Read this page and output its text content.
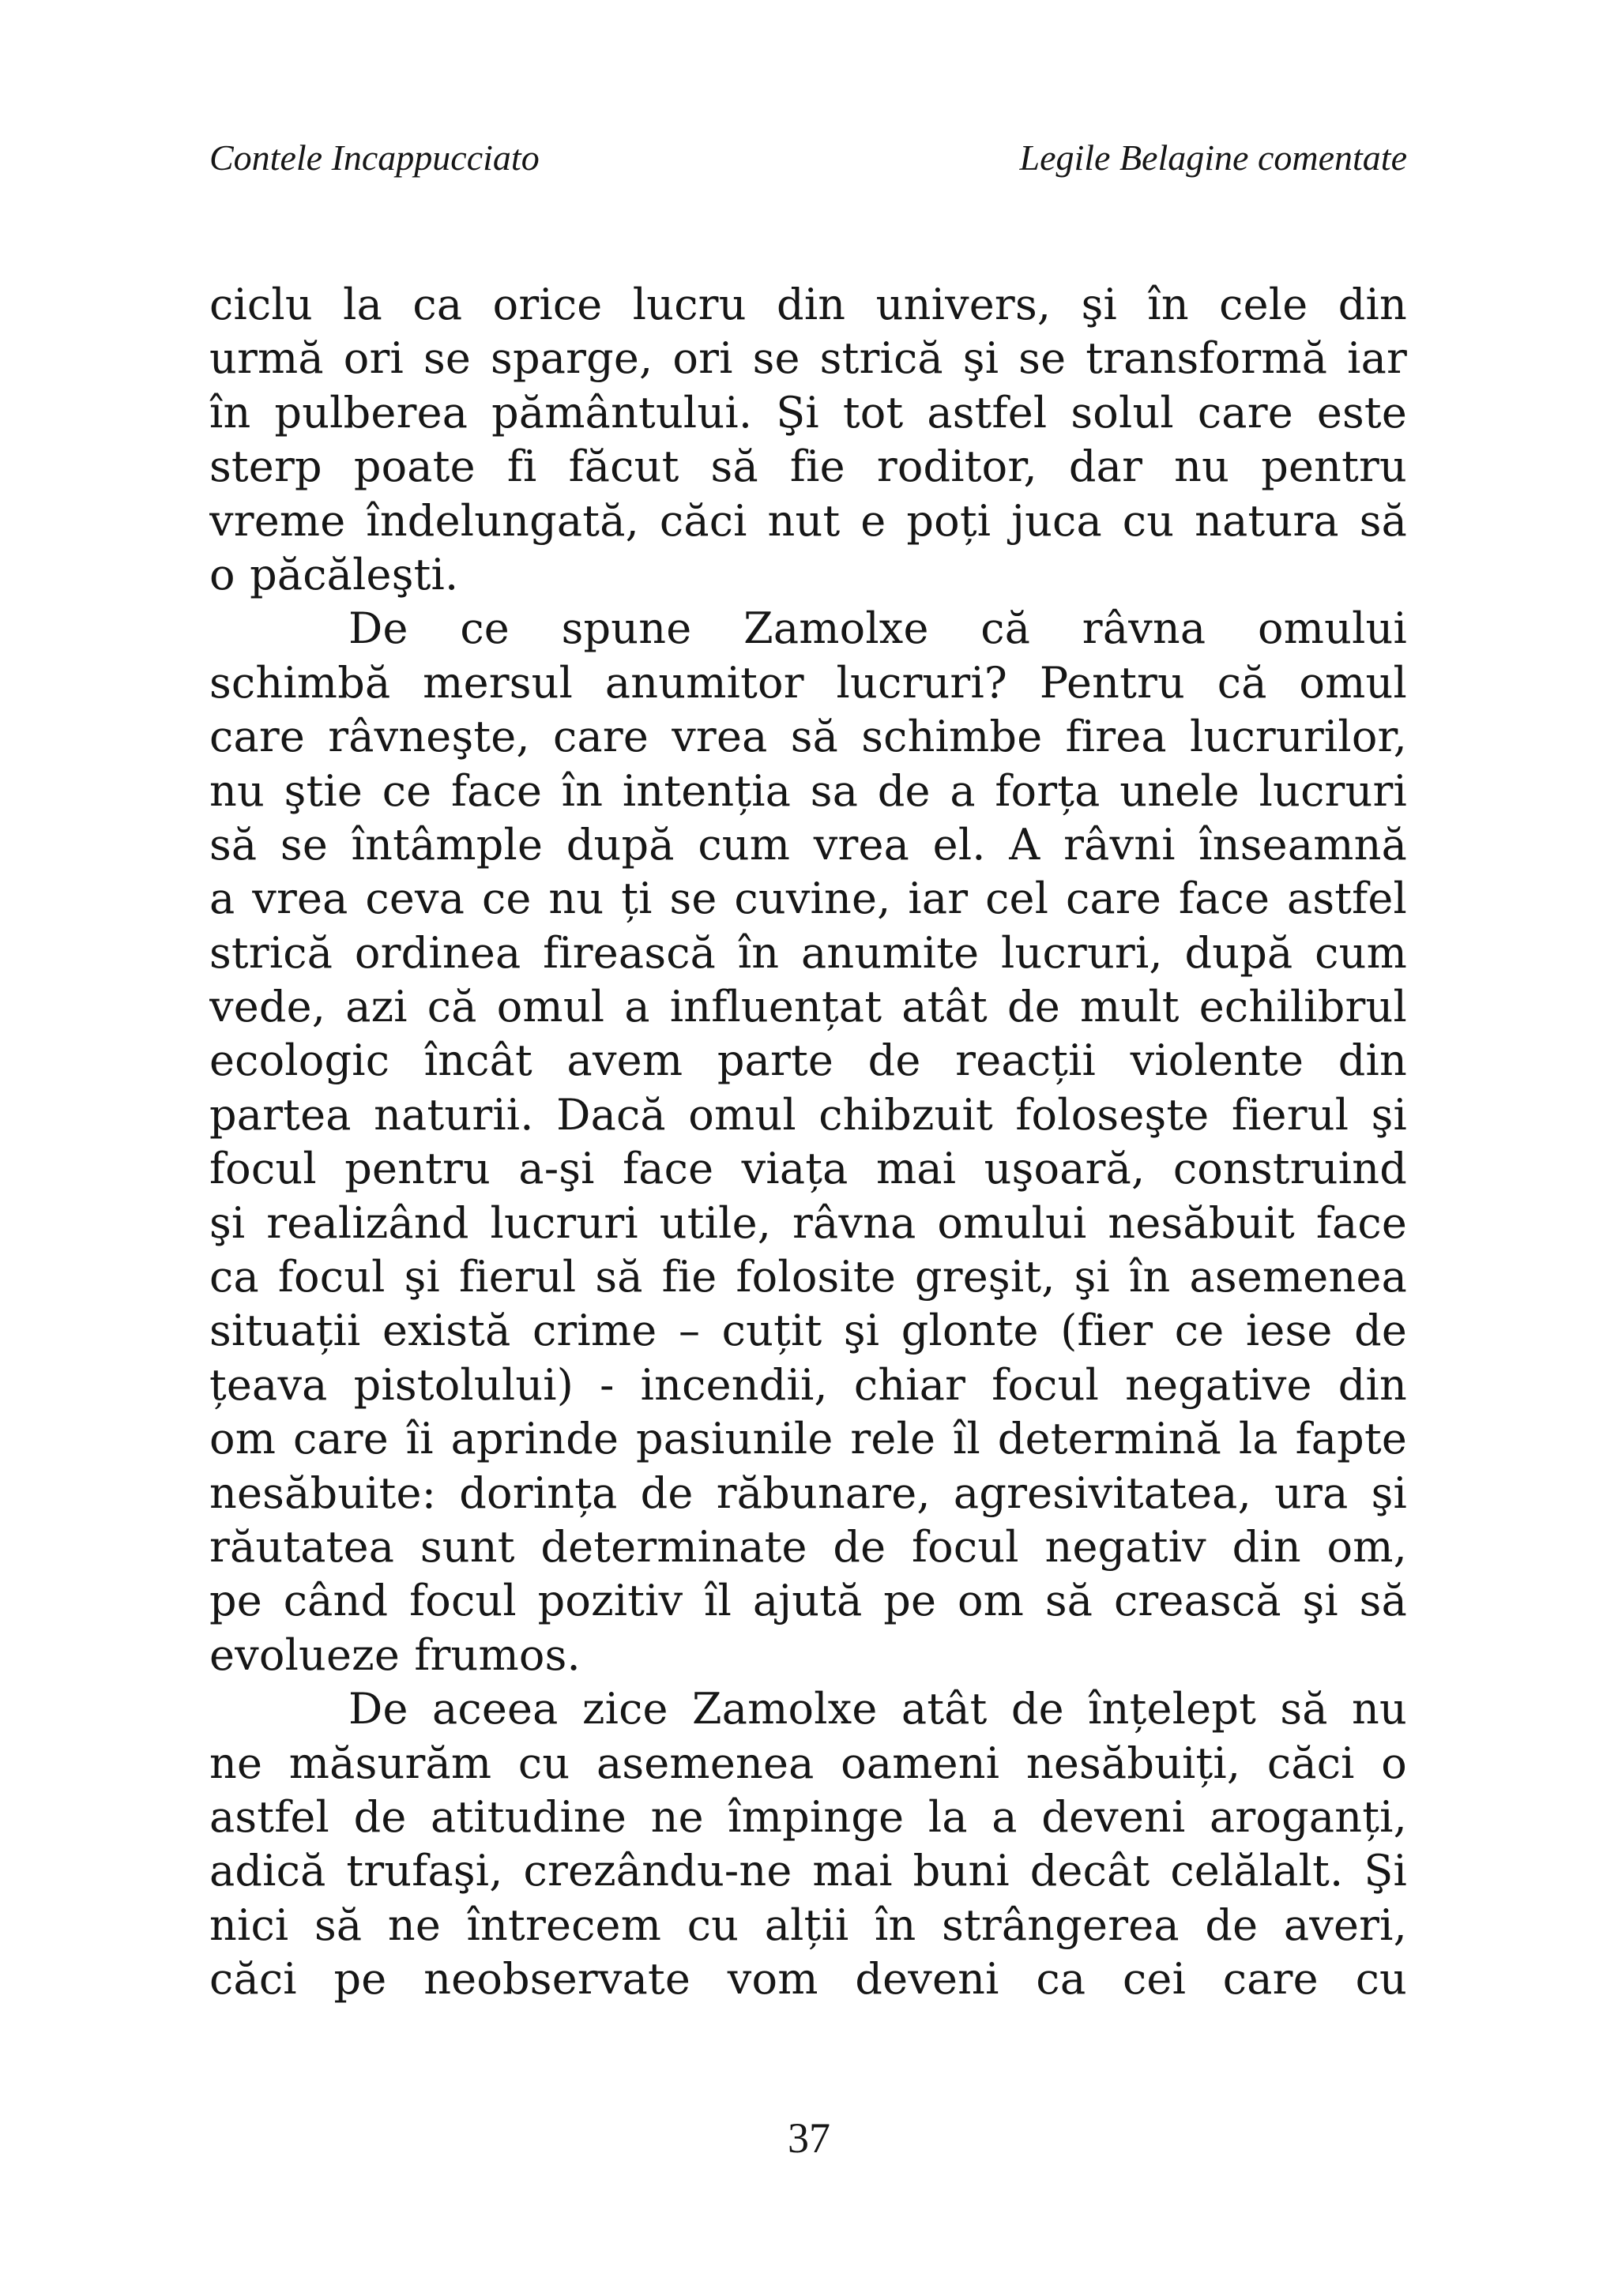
Contele Incappucciato	Legile Belagine comentate
ciclu la ca orice lucru din univers, şi în cele din
urmă ori se sparge, ori se strică şi se transformă iar
în pulberea pământului. Şi tot astfel solul care este
sterp poate fi făcut să fie roditor, dar nu pentru
vreme îndelungată, căci nut e poți juca cu natura să
o păcăleşti.
De ce spune Zamolxe că râvna omului
schimbă mersul anumitor lucruri? Pentru că omul
care râvneşte, care vrea să schimbe firea lucrurilor,
nu ştie ce face în intenția sa de a forța unele lucruri
să se întâmple după cum vrea el. A râvni înseamnă
a vrea ceva ce nu ți se cuvine, iar cel care face astfel
strică ordinea firească în anumite lucruri, după cum
vede, azi că omul a influențat atât de mult echilibrul
ecologic încât avem parte de reacții violente din
partea naturii. Dacă omul chibzuit foloseşte fierul şi
focul pentru a-şi face viața mai uşoară, construind
şi realizând lucruri utile, râvna omului nesăbuit face
ca focul şi fierul să fie folosite greşit, şi în asemenea
situații există crime – cuțit şi glonte (fier ce iese de
țeava pistolului) - incendii, chiar focul negative din
om care îi aprinde pasiunile rele îl determină la fapte
nesăbuite: dorința de răbunare, agresivitatea, ura şi
răutatea sunt determinate de focul negativ din om,
pe când focul pozitiv îl ajută pe om să crească şi să
evolueze frumos.
De aceea zice Zamolxe atât de înțelept să nu
ne măsurăm cu asemenea oameni nesăbuiți, căci o
astfel de atitudine ne împinge la a deveni aroganți,
adică trufaşi, crezându-ne mai buni decât celălalt. Şi
nici să ne întrecem cu alții în strângerea de averi,
căci pe neobservate vom deveni ca cei care cu
37
